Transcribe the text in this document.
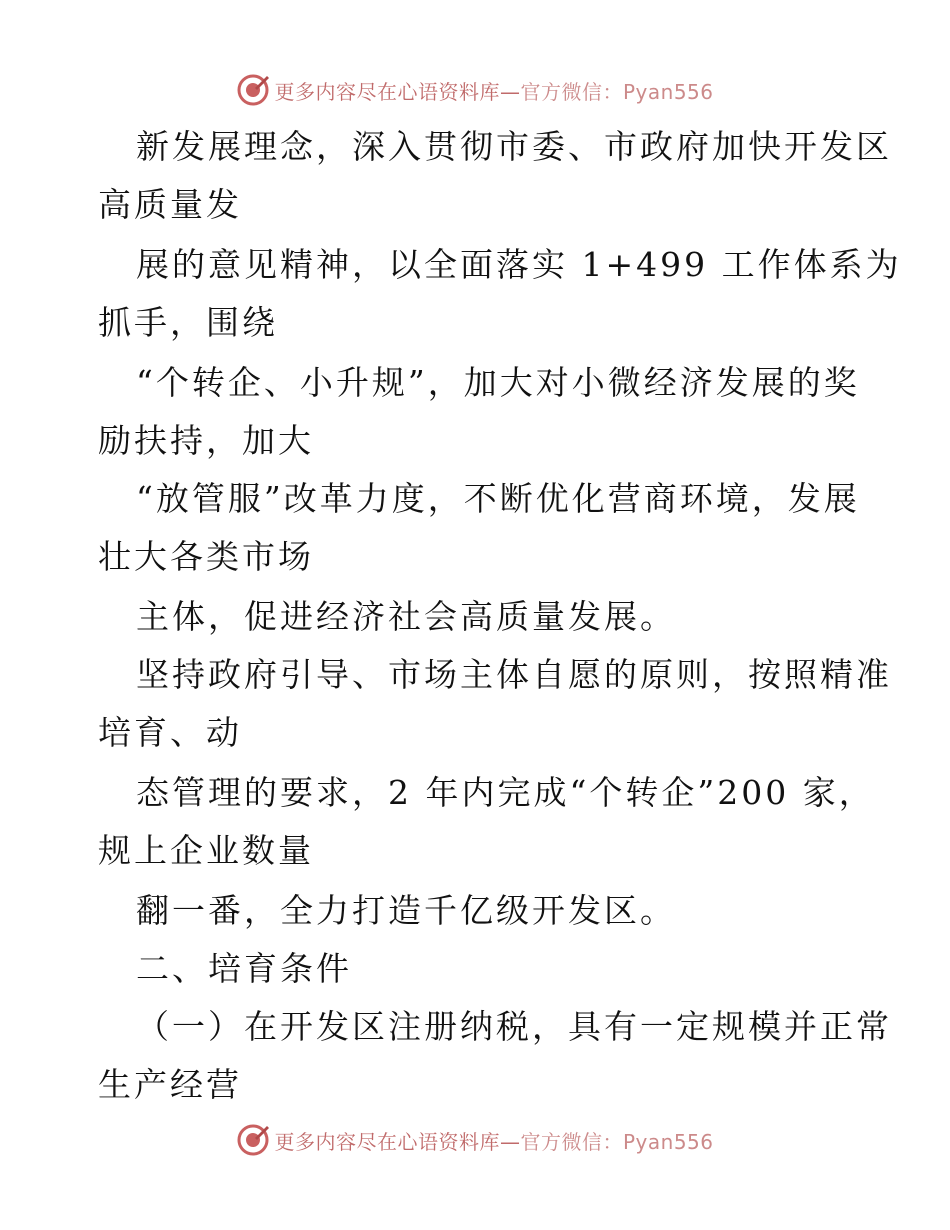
更多内容尽在心语资料库—官方微信：Pyan556
新发展理念，深入贯彻市委、市政府加快开发区
高质量发
展的意见精神，以全面落实 1+499 工作体系为
抓手，围绕
“个转企、小升规”，加大对小微经济发展的奖
励扶持，加大
“放管服”改革力度，不断优化营商环境，发展
壮大各类市场
主体，促进经济社会高质量发展。
坚持政府引导、市场主体自愿的原则，按照精准
培育、动
态管理的要求，2 年内完成“个转企”200 家，
规上企业数量
翻一番，全力打造千亿级开发区。
二、培育条件
（一）在开发区注册纳税，具有一定规模并正常
生产经营
更多内容尽在心语资料库—官方微信：Pyan556
